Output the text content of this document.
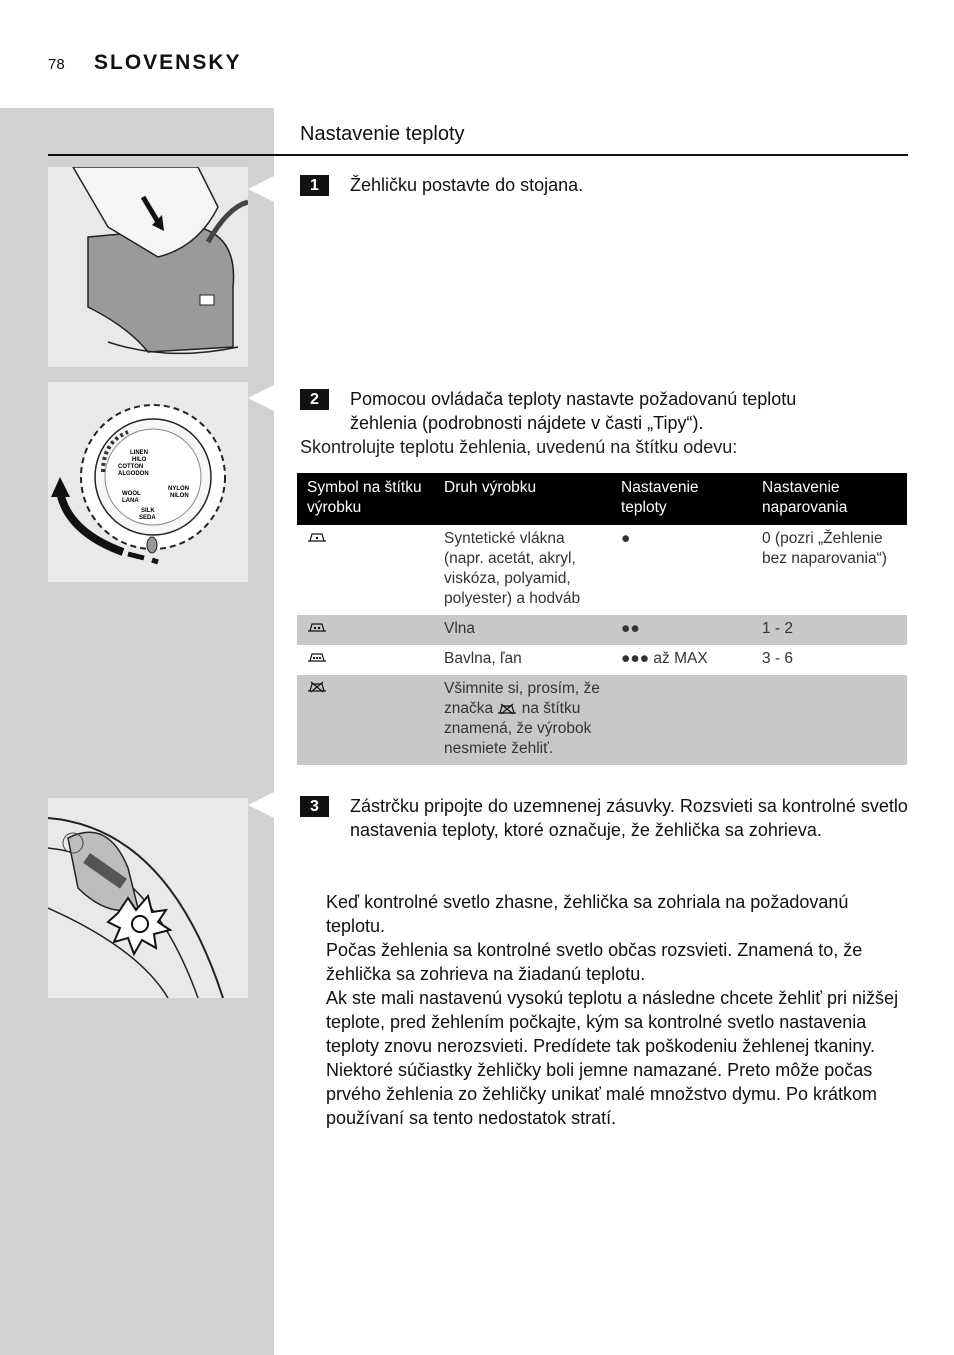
78 SLOVENSKY
Nastavenie teploty
LINEN
HILO
COTTON
ALGODON
WOOL
LANA
NYLON
NILON
SILK
SEDA
1	Žehličku postavte do stojana.
2	Pomocou ovládača teploty nastavte požadovanú teplotu žehlenia (podrobnosti nájdete v časti „Tipy“).
Skontrolujte teplotu žehlenia, uvedenú na štítku odevu:
Symbol na štítku výrobku	Druh výrobku	Nastavenie teploty	Nastavenie naparovania
	Syntetické vlákna (napr. acetát, akryl, viskóza, polyamid, polyester) a hodváb	●	0 (pozri „Žehlenie bez naparovania“)
	Vlna	●●	1 - 2
	Bavlna, ľan	●●● až MAX	3 - 6
	Všimnite si, prosím, že značka na štítku znamená, že výrobok nesmiete žehliť.		
3	Zástrčku pripojte do uzemnenej zásuvky. Rozsvieti sa kontrolné svetlo nastavenia teploty, ktoré označuje, že žehlička sa zohrieva.
Keď kontrolné svetlo zhasne, žehlička sa zohriala na požadovanú teplotu.
Počas žehlenia sa kontrolné svetlo občas rozsvieti. Znamená to, že žehlička sa zohrieva na žiadanú teplotu.
Ak ste mali nastavenú vysokú teplotu a následne chcete žehliť pri nižšej teplote, pred žehlením počkajte, kým sa kontrolné svetlo nastavenia teploty znovu nerozsvieti. Predídete tak poškodeniu žehlenej tkaniny.
Niektoré súčiastky žehličky boli jemne namazané. Preto môže počas prvého žehlenia zo žehličky unikať malé množstvo dymu. Po krátkom používaní sa tento nedostatok stratí.
